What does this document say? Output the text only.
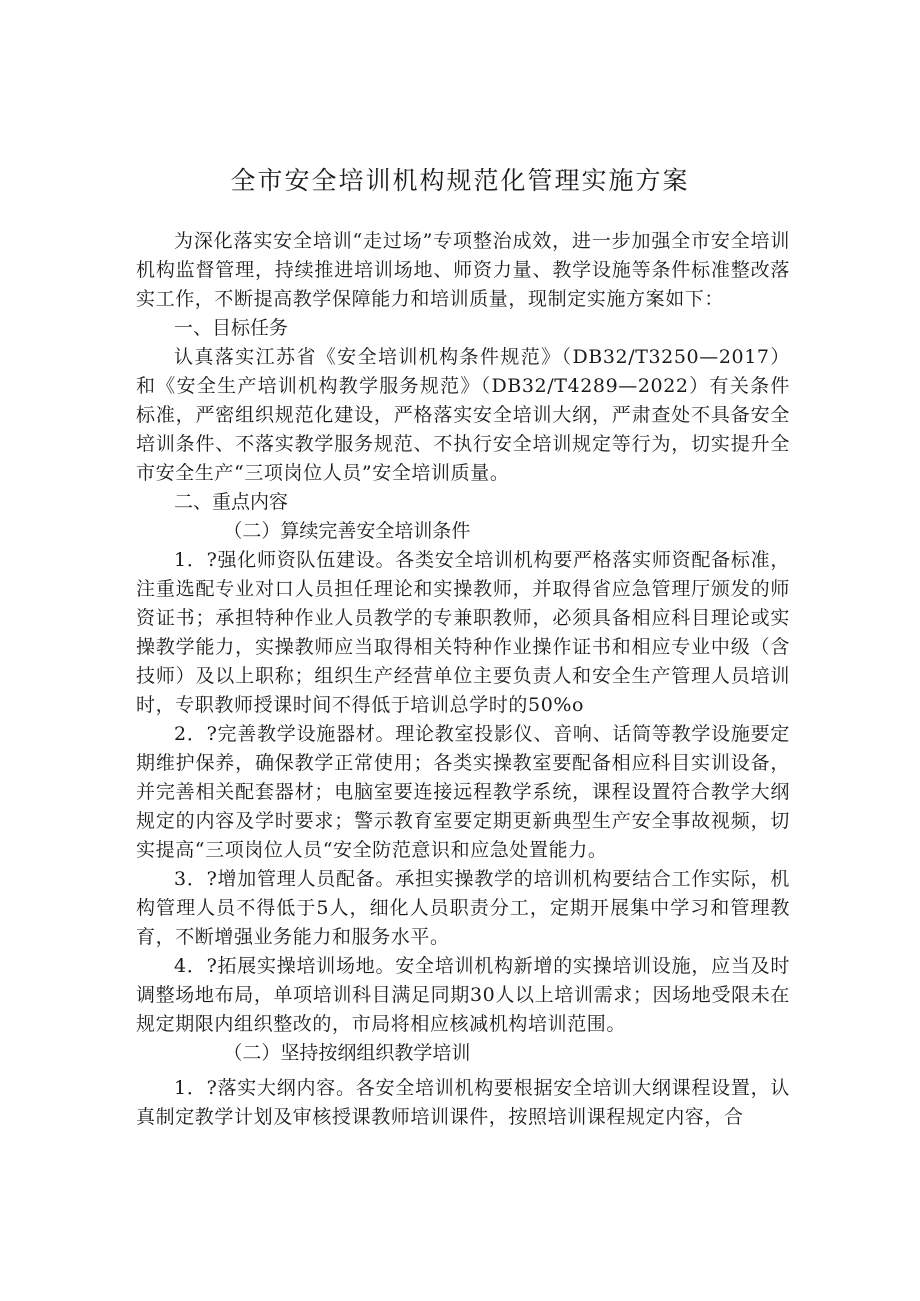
全市安全培训机构规范化管理实施方案

为深化落实安全培训“走过场”专项整治成效，进一步加强全市安全培训机构监督管理，持续推进培训场地、师资力量、教学设施等条件标准整改落实工作，不断提高教学保障能力和培训质量，现制定实施方案如下：

一、目标任务

认真落实江苏省《安全培训机构条件规范》（DB32/T3250—2017）和《安全生产培训机构教学服务规范》（DB32/T4289—2022）有关条件标准，严密组织规范化建设，严格落实安全培训大纲，严肃查处不具备安全培训条件、不落实教学服务规范、不执行安全培训规定等行为，切实提升全市安全生产“三项岗位人员”安全培训质量。

二、重点内容

（二）算续完善安全培训条件

1．?强化师资队伍建设。各类安全培训机构要严格落实师资配备标准，注重选配专业对口人员担任理论和实操教师，并取得省应急管理厅颁发的师资证书；承担特种作业人员教学的专兼职教师，必须具备相应科目理论或实操教学能力，实操教师应当取得相关特种作业操作证书和相应专业中级（含技师）及以上职称；组织生产经营单位主要负责人和安全生产管理人员培训时，专职教师授课时间不得低于培训总学时的50%o

2．?完善教学设施器材。理论教室投影仪、音响、话筒等教学设施要定期维护保养，确保教学正常使用；各类实操教室要配备相应科目实训设备，并完善相关配套器材；电脑室要连接远程教学系统，课程设置符合教学大纲规定的内容及学时要求；警示教育室要定期更新典型生产安全事故视频，切实提高“三项岗位人员“安全防范意识和应急处置能力。

3．?增加管理人员配备。承担实操教学的培训机构要结合工作实际，机构管理人员不得低于5人，细化人员职责分工，定期开展集中学习和管理教育，不断增强业务能力和服务水平。

4．?拓展实操培训场地。安全培训机构新增的实操培训设施，应当及时调整场地布局，单项培训科目满足同期30人以上培训需求；因场地受限未在规定期限内组织整改的，市局将相应核减机构培训范围。

（二）坚持按纲组织教学培训

1．?落实大纲内容。各安全培训机构要根据安全培训大纲课程设置，认真制定教学计划及审核授课教师培训课件，按照培训课程规定内容，合
